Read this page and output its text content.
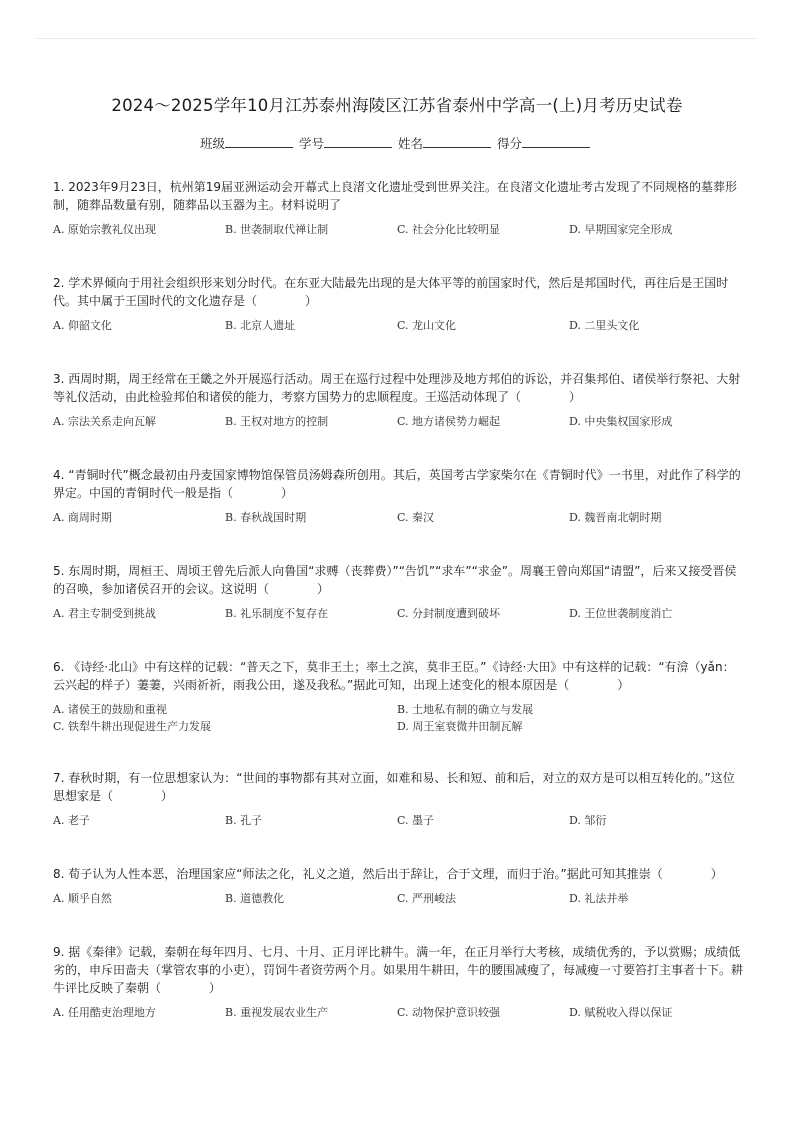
2024～2025学年10月江苏泰州海陵区江苏省泰州中学高一(上)月考历史试卷
班级	学号	姓名	得分

1. 2023年9月23日，杭州第19届亚洲运动会开幕式上良渚文化遗址受到世界关注。在良渚文化遗址考古发现了不同规格的墓葬形制，随葬品数量有别，随葬品以玉器为主。材料说明了

A. 原始宗教礼仪出现	B. 世袭制取代禅让制	C. 社会分化比较明显	D. 早期国家完全形成

2. 学术界倾向于用社会组织形来划分时代。在东亚大陆最先出现的是大体平等的前国家时代，然后是邦国时代，再往后是王国时代。其中属于王国时代的文化遗存是（　　　　）

A. 仰韶文化	B. 北京人遗址	C. 龙山文化	D. 二里头文化

3. 西周时期，周王经常在王畿之外开展巡行活动。周王在巡行过程中处理涉及地方邦伯的诉讼，并召集邦伯、诸侯举行祭祀、大射等礼仪活动，由此检验邦伯和诸侯的能力，考察方国势力的忠顺程度。王巡活动体现了（　　　　）

A. 宗法关系走向瓦解	B. 王权对地方的控制	C. 地方诸侯势力崛起	D. 中央集权国家形成

4. “青铜时代”概念最初由丹麦国家博物馆保管员汤姆森所创用。其后，英国考古学家柴尔在《青铜时代》一书里，对此作了科学的界定。中国的青铜时代一般是指（　　　　）

A. 商周时期	B. 春秋战国时期	C. 秦汉	D. 魏晋南北朝时期

5. 东周时期，周桓王、周顷王曾先后派人向鲁国“求赙（丧葬费）”“告饥”“求车”“求金”。周襄王曾向郑国“请盟”，后来又接受晋侯的召唤，参加诸侯召开的会议。这说明（　　　　）

A. 君主专制受到挑战	B. 礼乐制度不复存在	C. 分封制度遭到破坏	D. 王位世袭制度消亡

6. 《诗经·北山》中有这样的记载：“普天之下，莫非王土；率土之滨，莫非王臣。”《诗经·大田》中有这样的记载：“有渰（yǎn：云兴起的样子）萋萋，兴雨祈祈，雨我公田，遂及我私。”据此可知，出现上述变化的根本原因是（　　　　）

A. 诸侯王的鼓励和重视	B. 土地私有制的确立与发展
C. 铁犁牛耕出现促进生产力发展	D. 周王室衰微井田制瓦解

7. 春秋时期，有一位思想家认为：“世间的事物都有其对立面，如难和易、长和短、前和后，对立的双方是可以相互转化的。”这位思想家是（　　　　）

A. 老子	B. 孔子	C. 墨子	D. 邹衍

8. 荀子认为人性本恶，治理国家应“师法之化，礼义之道，然后出于辞让，合于文理，而归于治。”据此可知其推崇（　　　　）

A. 顺乎自然	B. 道德教化	C. 严刑峻法	D. 礼法并举

9. 据《秦律》记载，秦朝在每年四月、七月、十月、正月评比耕牛。满一年，在正月举行大考核，成绩优秀的，予以赏赐；成绩低劣的，申斥田啬夫（掌管农事的小吏），罚饲牛者资劳两个月。如果用牛耕田，牛的腰围减瘦了，每减瘦一寸要笞打主事者十下。耕牛评比反映了秦朝（　　　　）

A. 任用酷吏治理地方	B. 重视发展农业生产	C. 动物保护意识较强	D. 赋税收入得以保证
